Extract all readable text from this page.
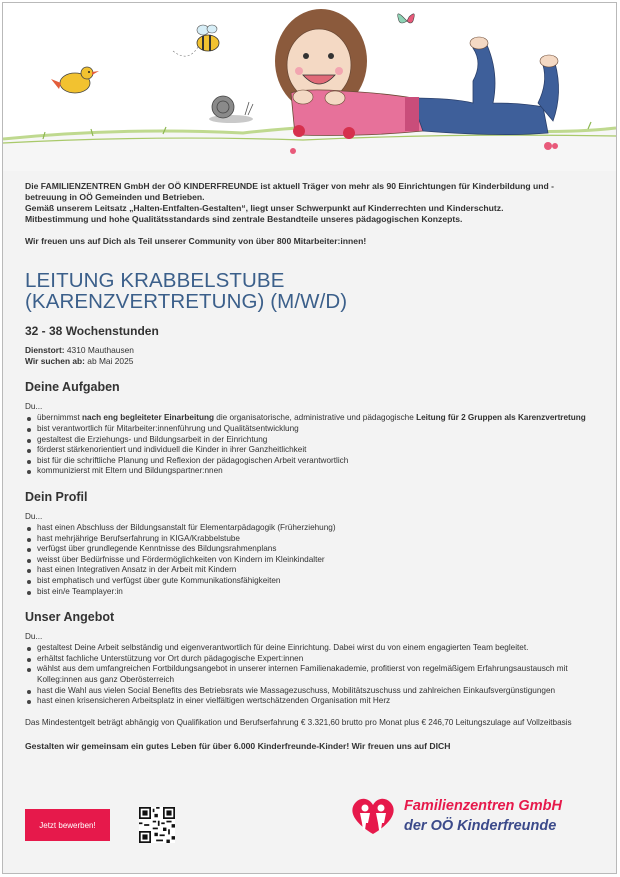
Die FAMILIENZENTREN GmbH der OÖ KINDERFREUNDE ist aktuell Träger von mehr als 90 Einrichtungen für Kinderbildung und -betreuung in OÖ Gemeinden und Betrieben.

Gemäß unserem Leitsatz „Halten-Entfalten-Gestalten“, liegt unser Schwerpunkt auf Kinderrechten und Kinderschutz.

Mitbestimmung und hohe Qualitätsstandards sind zentrale Bestandteile unseres pädagogischen Konzepts.

Wir freuen uns auf Dich als Teil unserer Community von über 800 Mitarbeiter:innen!

LEITUNG KRABBELSTUBE
(KARENZVERTRETUNG) (M/W/D)
32 - 38 Wochenstunden
Dienstort: 4310 Mauthausen
Wir suchen ab: ab Mai 2025
Deine Aufgaben
Du...
übernimmst nach eng begleiteter Einarbeitung die organisatorische, administrative und pädagogische Leitung für 2 Gruppen als Karenzvertretung
bist verantwortlich für Mitarbeiter:innenführung und Qualitätsentwicklung
gestaltest die Erziehungs- und Bildungsarbeit in der Einrichtung
förderst stärkenorientiert und individuell die Kinder in ihrer Ganzheitlichkeit
bist für die schriftliche Planung und Reflexion der pädagogischen Arbeit verantwortlich
kommunizierst mit Eltern und Bildungspartner:nnen
Dein Profil
Du...
hast einen Abschluss der Bildungsanstalt für Elementarpädagogik (Früherziehung)
hast mehrjährige Berufserfahrung in KIGA/Krabbelstube
verfügst über grundlegende Kenntnisse des Bildungsrahmenplans
weisst über Bedürfnisse und Fördermöglichkeiten von Kindern im Kleinkindalter
hast einen Integrativen Ansatz in der Arbeit mit Kindern
bist emphatisch und verfügst über gute Kommunikationsfähigkeiten
bist ein/e Teamplayer:in
Unser Angebot
Du...
gestaltest Deine Arbeit selbständig und eigenverantwortlich für deine Einrichtung. Dabei wirst du von einem engagierten Team begleitet.
erhältst fachliche Unterstützung vor Ort durch pädagogische Expert:innen
wählst aus dem umfangreichen Fortbildungsangebot in unserer internen Familienakademie, profitierst von regelmäßigem Erfahrungsaustausch mit Kolleg:innen aus ganz Oberösterreich
hast die Wahl aus vielen Social Benefits des Betriebsrats wie Massagezuschuss, Mobilitätszuschuss und zahlreichen Einkaufsvergünstigungen
hast einen krisensicheren Arbeitsplatz in einer vielfältigen wertschätzenden Organisation mit Herz

Das Mindestentgelt beträgt abhängig von Qualifikation und Berufserfahrung € 3.321,60 brutto pro Monat plus € 246,70 Leitungszulage auf Vollzeitbasis

Gestalten wir gemeinsam ein gutes Leben für über 6.000 Kinderfreunde-Kinder! Wir freuen uns auf DICH

Jetzt bewerben!
Familienzentren GmbH
der OÖ Kinderfreunde
